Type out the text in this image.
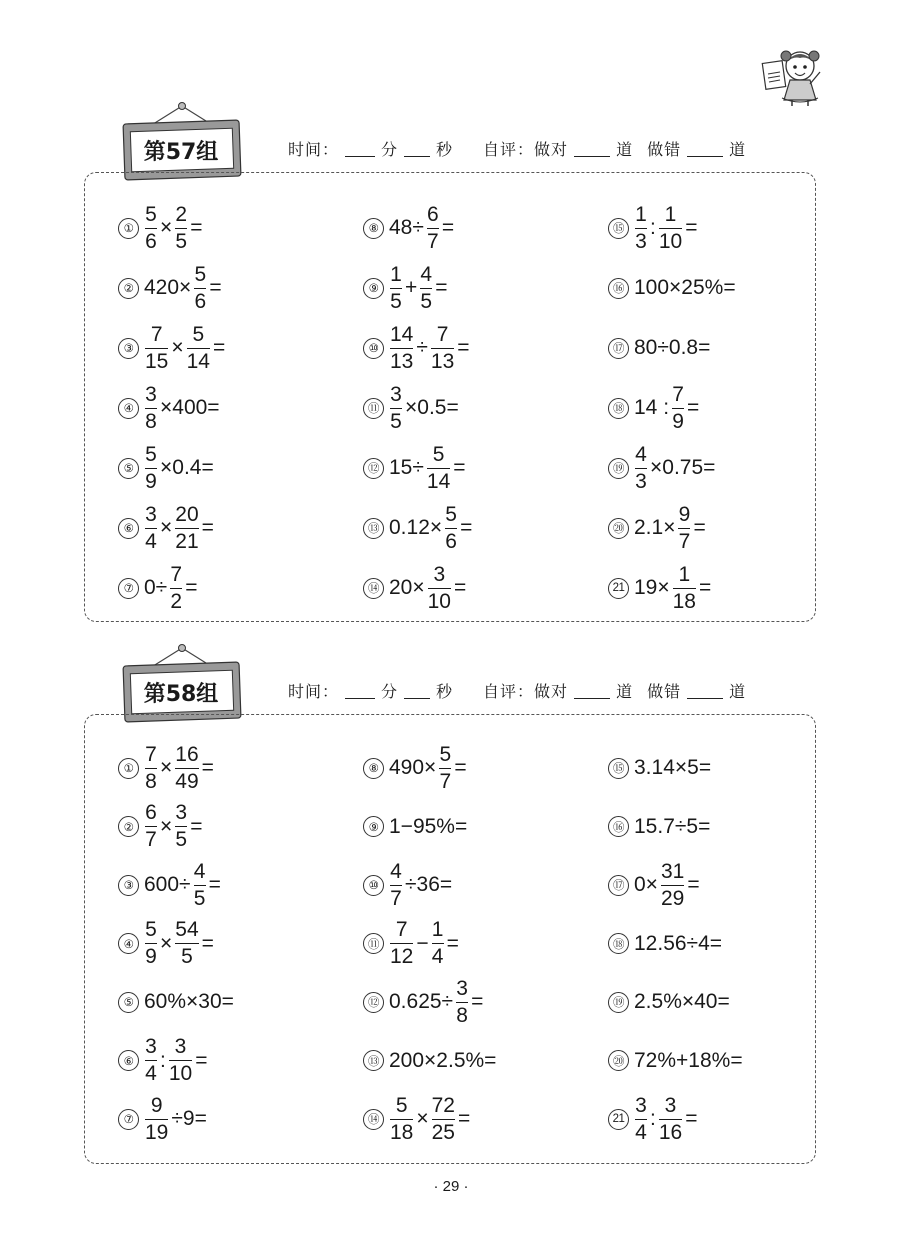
第57组	时间：	分 秒 自评：做对	道 做错	道
① $\frac{5}{6} \times \frac{2}{5}$ =	⑧ $48\div \frac{6}{7}$ =	⑮ $\frac{1}{3}$ : $\frac{1}{10}$ =
② $420\times \frac{5}{6}$ =	⑨ $\frac{1}{5} + \frac{4}{5}$ =	⑯ 100×25%=
③ $\frac{7}{15} \times \frac{5}{14}$ =	⑩ $\frac{14}{13} \div \frac{7}{13}$ =	⑰ 80÷0.8=
④ $\frac{3}{8} \times 400=$	⑪ $\frac{3}{5} \times 0.5=$	⑱ 14 : $\frac{7}{9}$ =
⑤ $\frac{5}{9} \times 0.4=$	⑫ $15\div \frac{5}{14}$ =	⑲ $\frac{4}{3} \times 0.75=$
⑥ $\frac{3}{4} \times \frac{20}{21}$ =	⑬ $0.12\times \frac{5}{6}$ =	⑳ $2.1\times \frac{9}{7}$ =
⑦ $0\div \frac{7}{2}$ =	⑭ $20\times \frac{3}{10}$ =	21 $19\times \frac{1}{18}$ =
第58组	时间：	分 秒 自评：做对	道 做错	道
① $\frac{7}{8} \times \frac{16}{49}$ =	⑧ $490\times \frac{5}{7}$ =	⑮ 3.14×5=
② $\frac{6}{7} \times \frac{3}{5}$ =	⑨ 1−95%=	⑯ 15.7÷5=
③ $600\div \frac{4}{5}$ =	⑩ $\frac{4}{7} \div 36=$	⑰ $0\times \frac{31}{29}$ =
④ $\frac{5}{9} \times \frac{54}{5}$ =	⑪ $\frac{7}{12} - \frac{1}{4}$ =	⑱ 12.56÷4=
⑤ 60%×30=	⑫ $0.625\div \frac{3}{8}$ =	⑲ 2.5%×40=
⑥ $\frac{3}{4}$ : $\frac{3}{10}$ =	⑬ 200×2.5%=	⑳ 72%+18%=
⑦ $\frac{9}{19} \div 9=$	⑭ $\frac{5}{18} \times \frac{72}{25}$ =	$21 \frac{3}{4}$ : $\frac{3}{16}$ =
· 29 ·
